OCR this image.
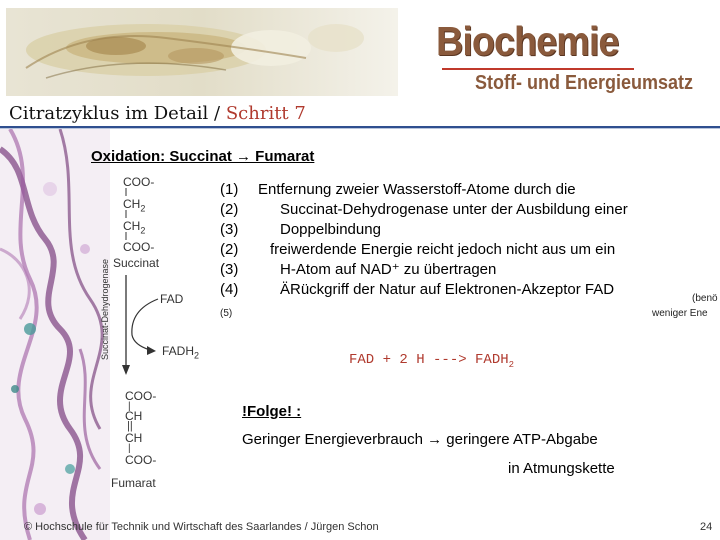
Biochemie
Stoff- und Energieumsatz
Citratzyklus im Detail / Schritt 7
Oxidation: Succinat → Fumarat
Succinat-Dehydrogenase
COO-
$CH_2$
$CH_2$
COO-
Succinat
FAD
$FADH_2$
COO-
|
CH
||
CH
|
COO-
Fumarat
(1) Entfernung zweier Wasserstoff-Atome durch die
(2)	Succinat-Dehydrogenase unter der Ausbildung einer
(3)	Doppelbindung
(2) freiwerdende Energie reicht jedoch nicht aus um ein
(3)	H-Atom auf NAD⁺ zu übertragen
(4)	ÄRückgriff der Natur auf Elektronen-Akzeptor FAD
(5)
(benö
weniger Ene
FAD + 2 H ---> $FADH_2$
!Folge! :
Geringer Energieverbrauch → geringere ATP-Abgabe
in Atmungskette
© Hochschule für Technik und Wirtschaft des Saarlandes / Jürgen Schon	24
